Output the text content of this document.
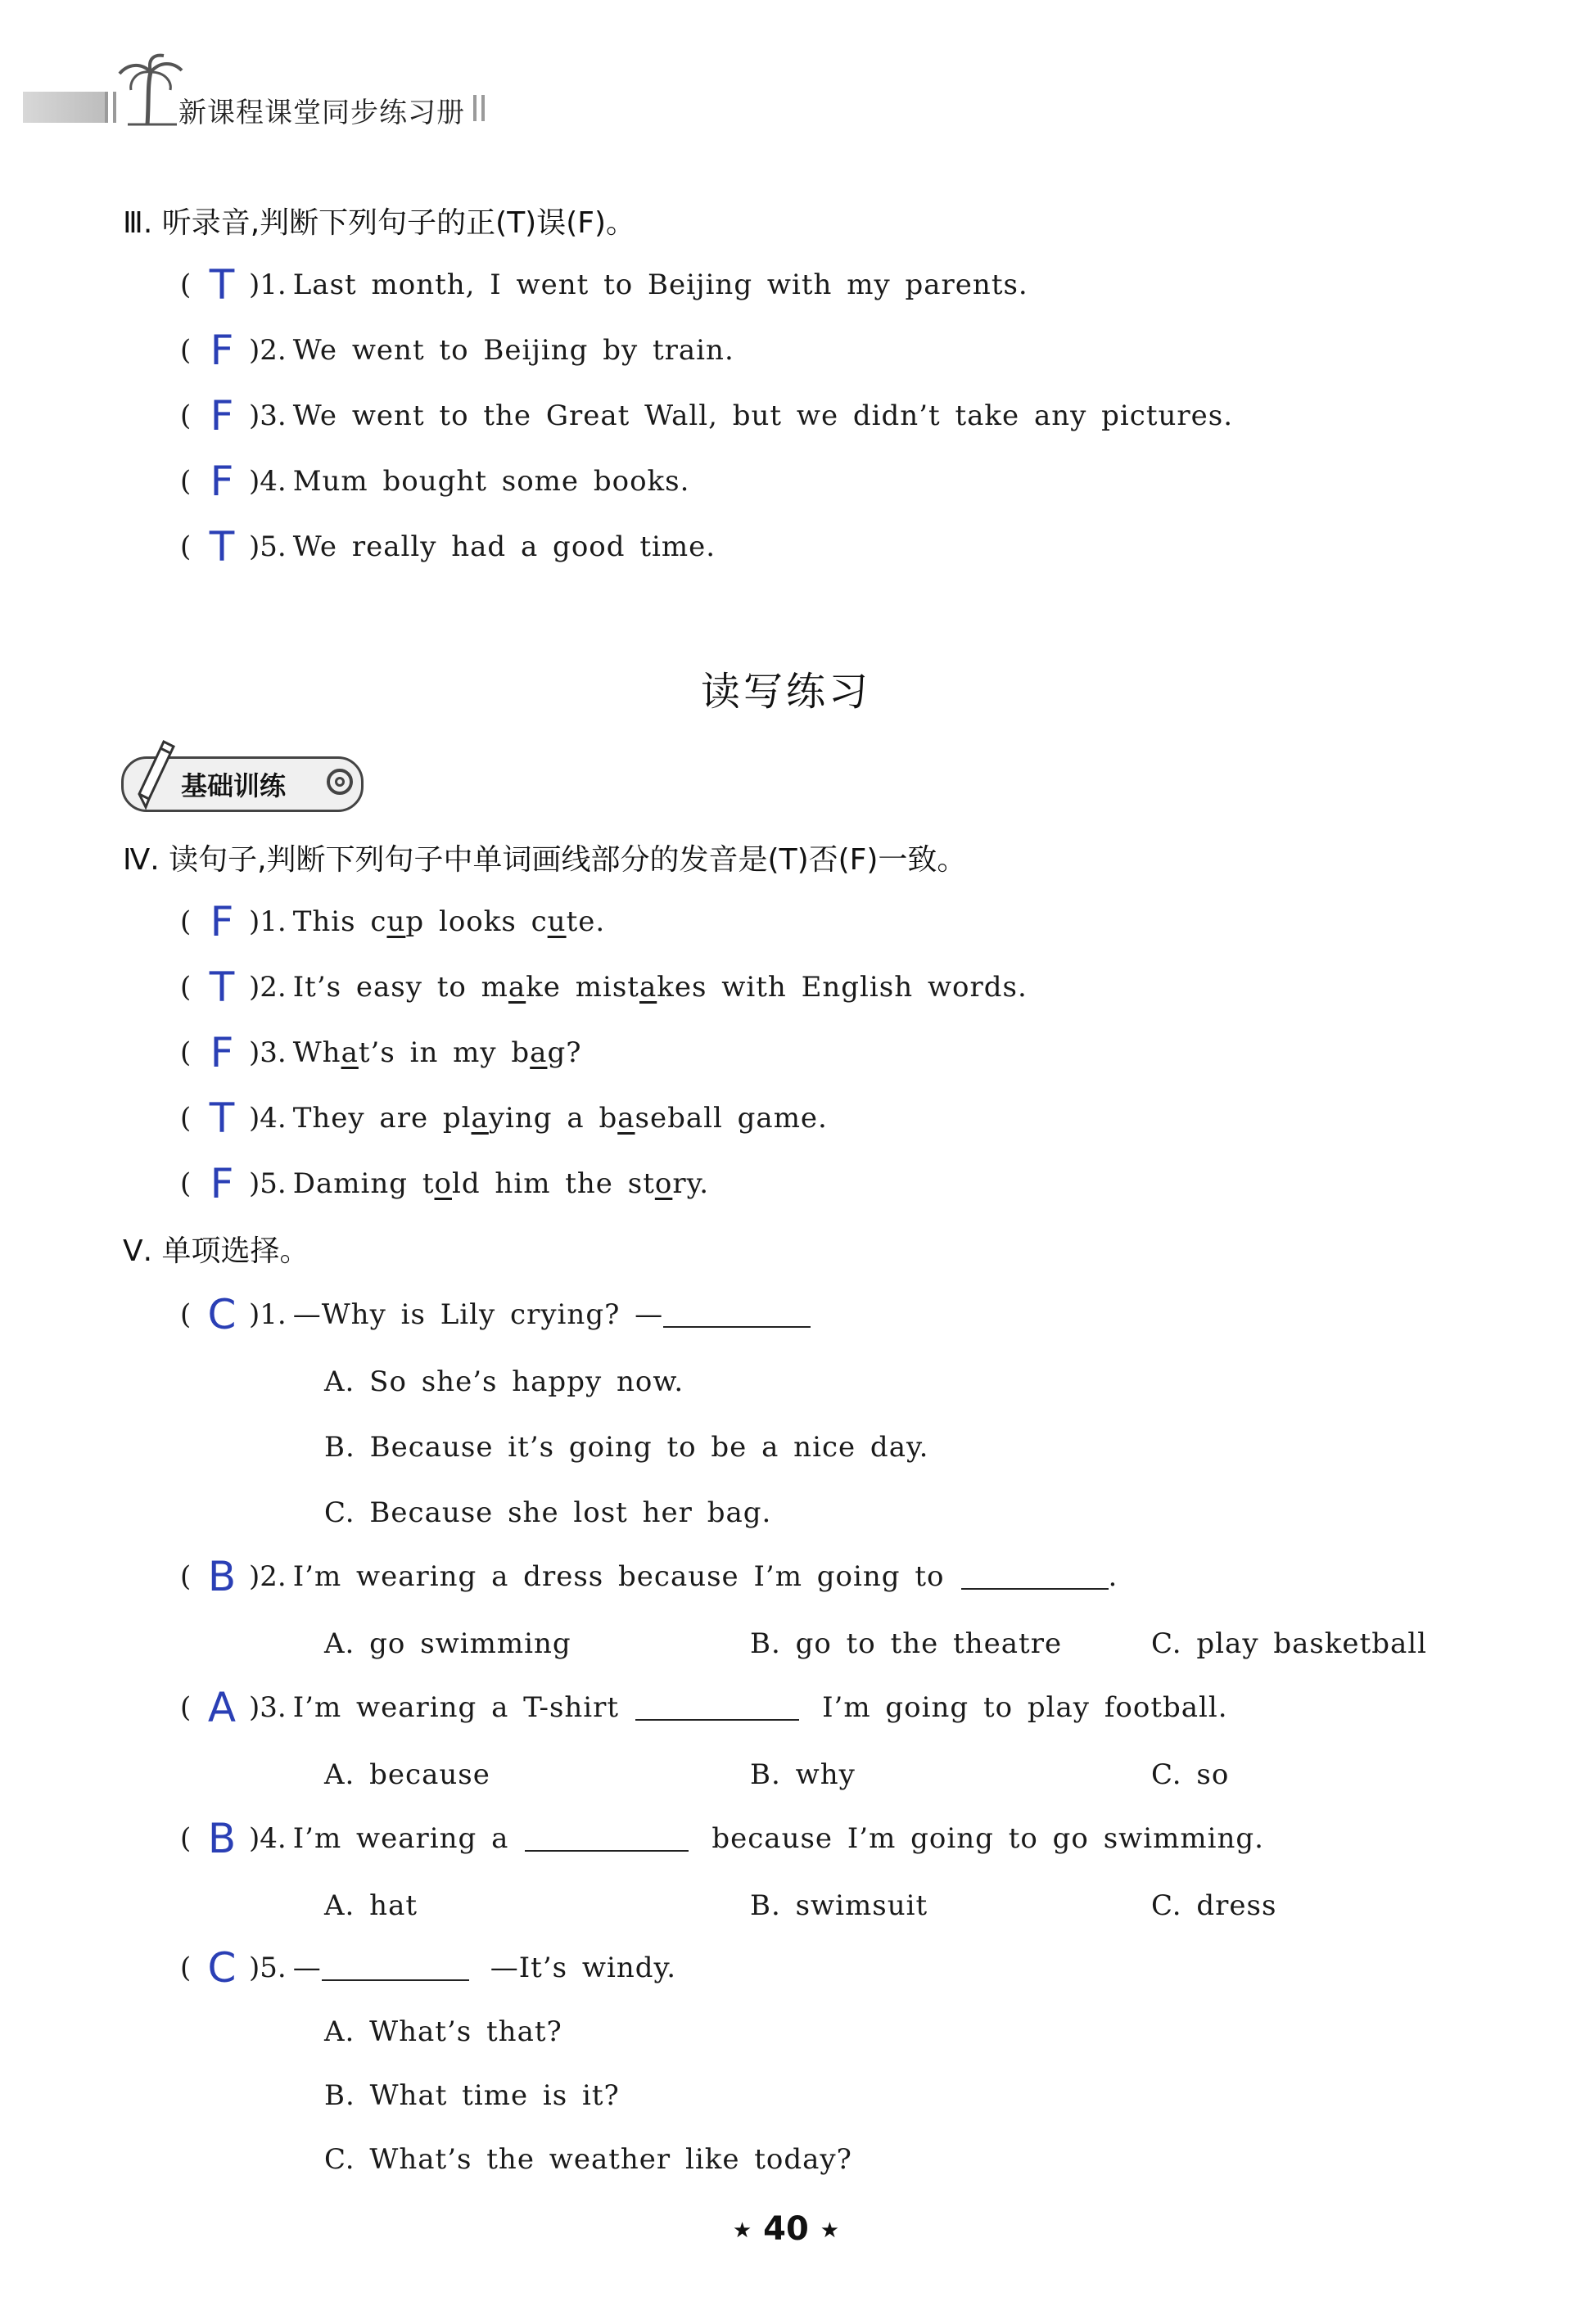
新课程课堂同步练习册
Ⅲ. 听录音,判断下列句子的正(T)误(F)。
( T )1. Last month, I went to Beijing with my parents.
( F )2. We went to Beijing by train.
( F )3. We went to the Great Wall, but we didn’t take any pictures.
( F )4. Mum bought some books.
( T )5. We really had a good time.
读写练习
基础训练
Ⅳ. 读句子,判断下列句子中单词画线部分的发音是(T)否(F)一致。
( F )1. This cup looks cute.
( T )2. It’s easy to make mistakes with English words.
( F )3. What’s in my bag?
( T )4. They are playing a baseball game.
( F )5. Daming told him the story.
Ⅴ. 单项选择。
( C )1. —Why is Lily crying? —
A. So she’s happy now.
B. Because it’s going to be a nice day.
C. Because she lost her bag.
( B )2. I’m wearing a dress because I’m going to	.
A. go swimming	B. go to the theatre	C. play basketball
( A )3. I’m wearing a T-shirt	I’m going to play football.
A. because	B. why	C. so
( B )4. I’m wearing a	because I’m going to go swimming.
A. hat	B. swimsuit	C. dress
( C )5. —	—It’s windy.
A. What’s that?
B. What time is it?
C. What’s the weather like today?
★ 40 ★
